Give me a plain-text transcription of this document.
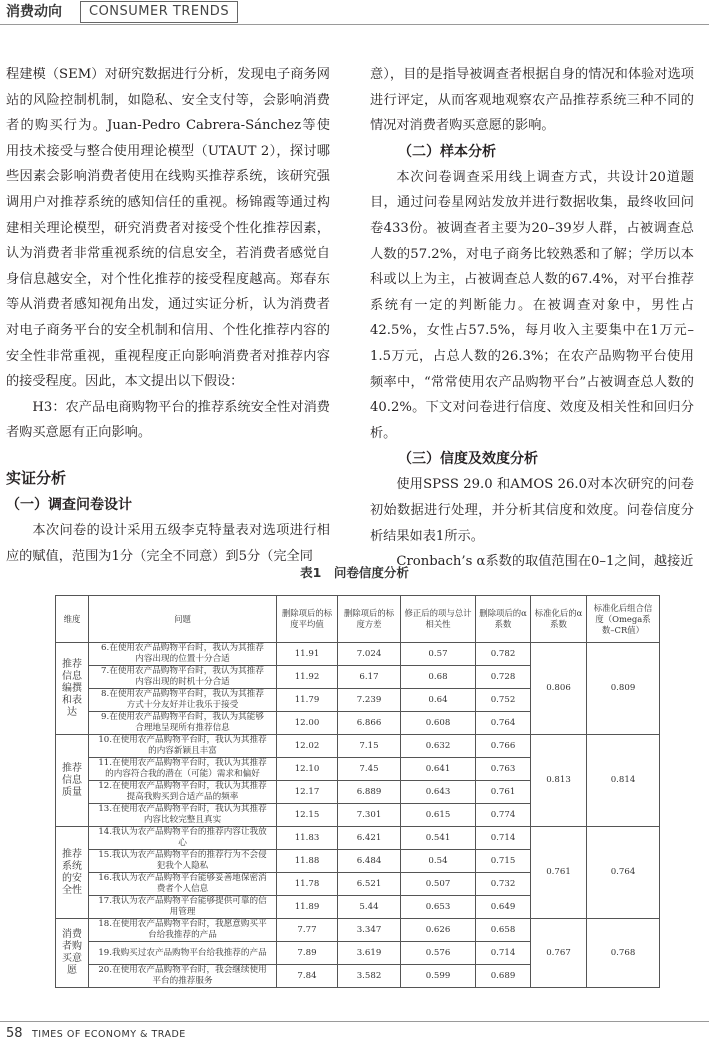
消费动向	CONSUMER TRENDS

程建模（SEM）对研究数据进行分析，发现电子商务网站的风险控制机制，如隐私、安全支付等，会影响消费者的购买行为。Juan-Pedro Cabrera-Sánchez等使用技术接受与整合使用理论模型（UTAUT 2），探讨哪些因素会影响消费者使用在线购买推荐系统，该研究强调用户对推荐系统的感知信任的重视。杨锦霞等通过构建相关理论模型，研究消费者对接受个性化推荐因素，认为消费者非常重视系统的信息安全，若消费者感觉自身信息越安全，对个性化推荐的接受程度越高。郑春东等从消费者感知视角出发，通过实证分析，认为消费者对电子商务平台的安全机制和信用、个性化推荐内容的安全性非常重视，重视程度正向影响消费者对推荐内容的接受程度。因此，本文提出以下假设：

H3：农产品电商购物平台的推荐系统安全性对消费者购买意愿有正向影响。

实证分析
（一）调查问卷设计

本次问卷的设计采用五级李克特量表对选项进行相应的赋值，范围为1分（完全不同意）到5分（完全同

意），目的是指导被调查者根据自身的情况和体验对选项进行评定，从而客观地观察农产品推荐系统三种不同的情况对消费者购买意愿的影响。

（二）样本分析

本次问卷调查采用线上调查方式，共设计20道题目，通过问卷星网站发放并进行数据收集，最终收回问卷433份。被调查者主要为20–39岁人群，占被调查总人数的57.2%，对电子商务比较熟悉和了解；学历以本科或以上为主，占被调查总人数的67.4%，对平台推荐系统有一定的判断能力。在被调查对象中，男性占42.5%，女性占57.5%，每月收入主要集中在1万元–1.5万元，占总人数的26.3%；在农产品购物平台使用频率中，“常常使用农产品购物平台”占被调查总人数的40.2%。下文对问卷进行信度、效度及相关性和回归分析。

（三）信度及效度分析

使用SPSS 29.0 和AMOS 26.0对本次研究的问卷初始数据进行处理，并分析其信度和效度。问卷信度分析结果如表1所示。

Cronbach’s α系数的取值范围在0–1之间，越接近

表1　问卷信度分析
维度	问题	删除项后的标度平均值	删除项后的标度方差	修正后的项与总计相关性	删除项后的α系数	标准化后的α系数	标准化后组合信度（Omega系数–CR值）
推荐信息编撰和表达	6.在使用农产品购物平台时，我认为其推荐内容出现的位置十分合适	11.91	7.024	0.57	0.782	0.806	0.809
	7.在使用农产品购物平台时，我认为其推荐内容出现的时机十分合适	11.92	6.17	0.68	0.728		
	8.在使用农产品购物平台时，我认为其推荐方式十分友好并让我乐于接受	11.79	7.239	0.64	0.752		
	9.在使用农产品购物平台时，我认为其能够合理地呈现所有推荐信息	12.00	6.866	0.608	0.764		
推荐信息质量	10.在使用农产品购物平台时，我认为其推荐的内容新颖且丰富	12.02	7.15	0.632	0.766	0.813	0.814
	11.在使用农产品购物平台时，我认为其推荐的内容符合我的潜在（可能）需求和偏好	12.10	7.45	0.641	0.763		
	12.在使用农产品购物平台时，我认为其推荐提高我购买到合适产品的频率	12.17	6.889	0.643	0.761		
	13.在使用农产品购物平台时，我认为其推荐内容比较完整且真实	12.15	7.301	0.615	0.774		
推荐系统的安全性	14.我认为农产品购物平台的推荐内容让我放心	11.83	6.421	0.541	0.714	0.761	0.764
	15.我认为农产品购物平台的推荐行为不会侵犯我个人隐私	11.88	6.484	0.54	0.715		
	16.我认为农产品购物平台能够妥善地保密消费者个人信息	11.78	6.521	0.507	0.732		
	17.我认为农产品购物平台能够提供可靠的信用管理	11.89	5.44	0.653	0.649		
消费者购买意愿	18.在使用农产品购物平台时，我愿意购买平台给我推荐的产品	7.77	3.347	0.626	0.658	0.767	0.768
	19.我购买过农产品购物平台给我推荐的产品	7.89	3.619	0.576	0.714		
	20.在使用农产品购物平台时，我会继续使用平台的推荐服务	7.84	3.582	0.599	0.689		
58 TIMES OF ECONOMY & TRADE
